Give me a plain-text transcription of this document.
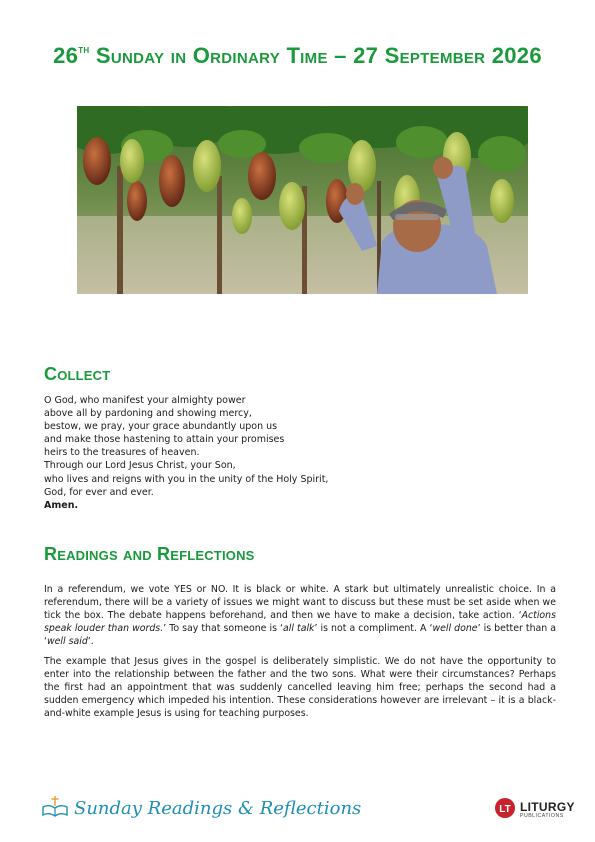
26th Sunday in Ordinary Time – 27 September 2026
Collect
O God, who manifest your almighty power
above all by pardoning and showing mercy,
bestow, we pray, your grace abundantly upon us
and make those hastening to attain your promises
heirs to the treasures of heaven.
Through our Lord Jesus Christ, your Son,
who lives and reigns with you in the unity of the Holy Spirit,
God, for ever and ever.
Amen.
Readings and Reflections

In a referendum, we vote YES or NO. It is black or white. A stark but ultimately unrealistic choice. In a referendum, there will be a variety of issues we might want to discuss but these must be set aside when we tick the box. The debate happens beforehand, and then we have to make a decision, take action. ‘Actions speak louder than words.’ To say that someone is ‘all talk’ is not a compliment. A ‘well done’ is better than a ‘well said’.

The example that Jesus gives in the gospel is deliberately simplistic. We do not have the opportunity to enter into the relationship between the father and the two sons. What were their circumstances? Perhaps the first had an appointment that was suddenly cancelled leaving him free; perhaps the second had a sudden emergency which impeded his intention. These considerations however are irrelevant – it is a black-and-white example Jesus is using for teaching purposes.

Sunday Readings & Reflections	LT LITURGY
PUBLICATIONS
